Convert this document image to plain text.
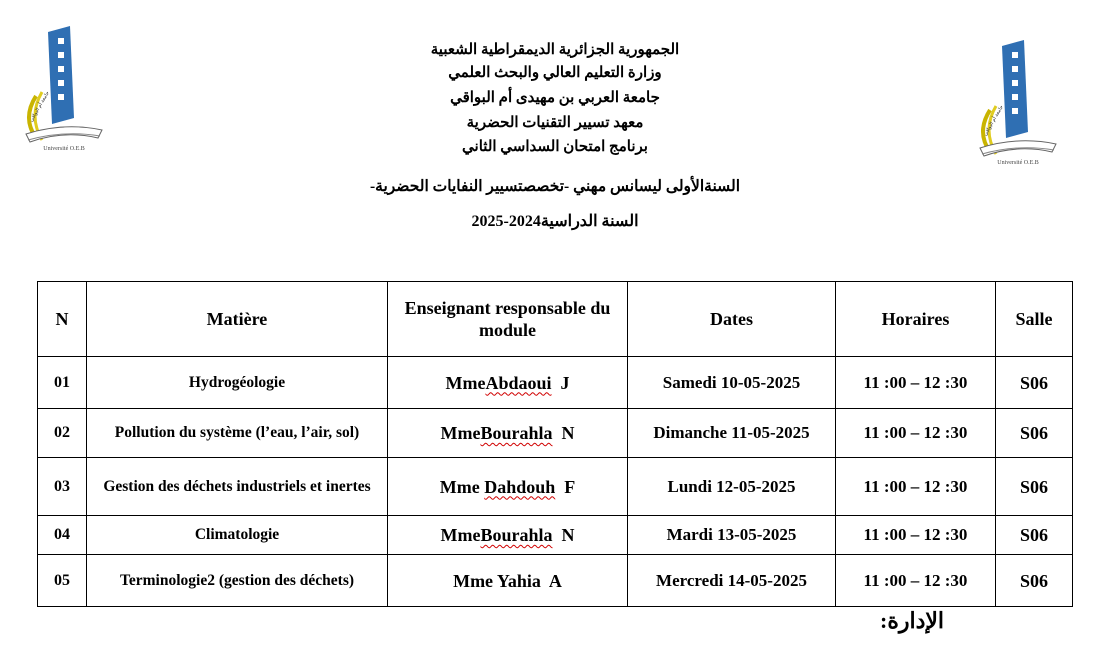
Université O.E.B
جامعة أم البواقي
Université O.E.B
جامعة أم البواقي
الجمهورية الجزائرية الديمقراطية الشعبية
وزارة التعليم العالي والبحث العلمي
جامعة العربي بن مهيدى أم البواقي
معهد تسيير التقنيات الحضرية
برنامج امتحان السداسي الثاني
السنةالأولى ليسانس مهني -تخصصتسيير النفايات الحضرية-
السنة الدراسية2024-2025
N	Matière	Enseignant responsable du module	Dates	Horaires	Salle
01	Hydrogéologie	MmeAbdaoui J	Samedi 10-05-2025	11 :00 – 12 :30	S06
02	Pollution du système (l’eau, l’air, sol)	MmeBourahla N	Dimanche 11-05-2025	11 :00 – 12 :30	S06
03	Gestion des déchets industriels et inertes	Mme Dahdouh F	Lundi 12-05-2025	11 :00 – 12 :30	S06
04	Climatologie	MmeBourahla N	Mardi 13-05-2025	11 :00 – 12 :30	S06
05	Terminologie2 (gestion des déchets)	Mme Yahia A	Mercredi 14-05-2025	11 :00 – 12 :30	S06
الإدارة:
